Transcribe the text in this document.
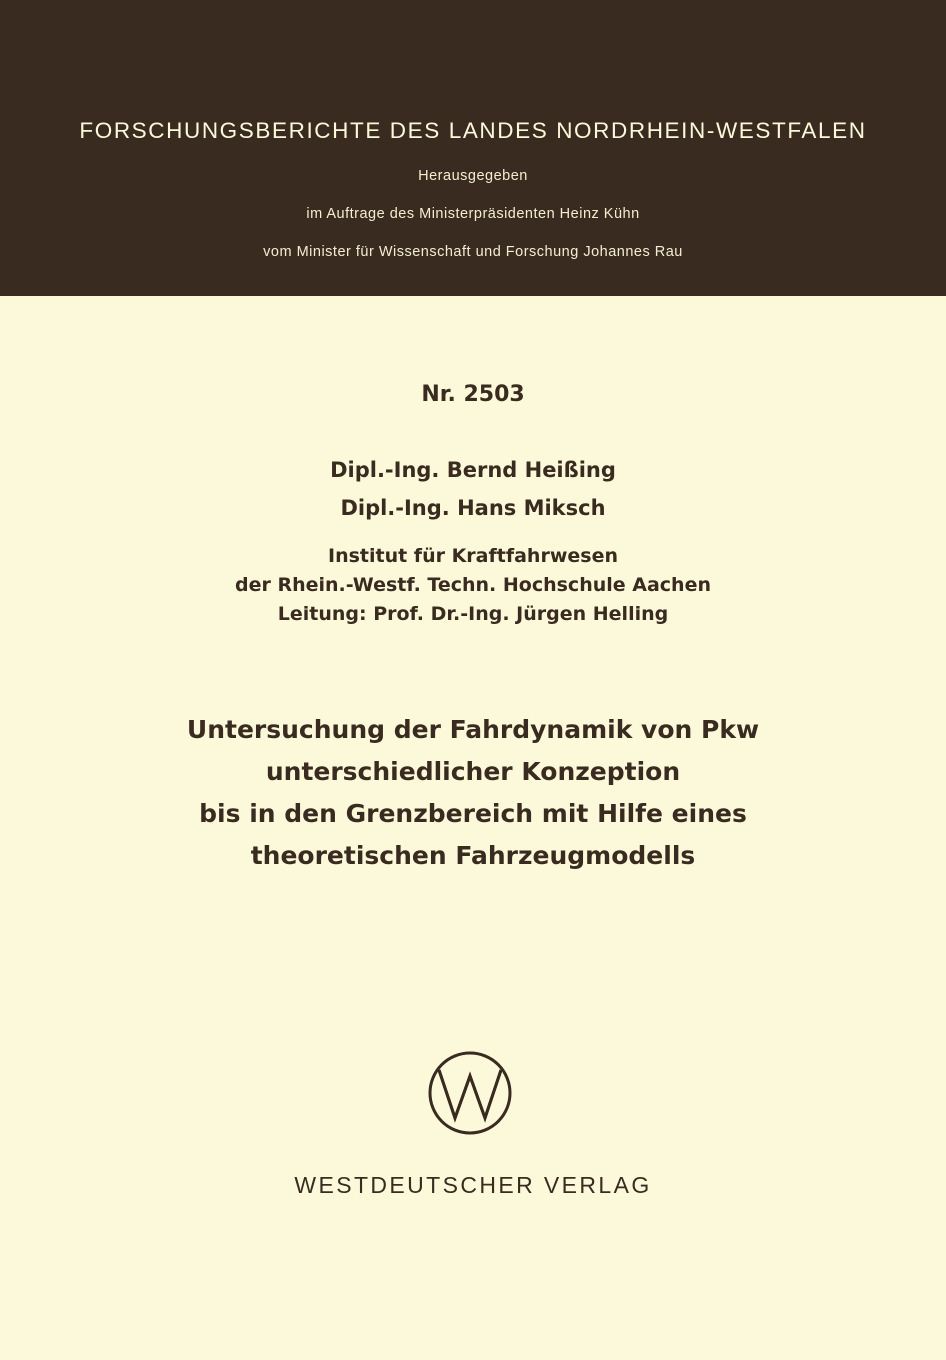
FORSCHUNGSBERICHTE DES LANDES NORDRHEIN-WESTFALEN
Herausgegeben
im Auftrage des Ministerpräsidenten Heinz Kühn
vom Minister für Wissenschaft und Forschung Johannes Rau
Nr. 2503
Dipl.-Ing. Bernd Heißing
Dipl.-Ing. Hans Miksch
Institut für Kraftfahrwesen
der Rhein.-Westf. Techn. Hochschule Aachen
Leitung: Prof. Dr.-Ing. Jürgen Helling
Untersuchung der Fahrdynamik von Pkw
unterschiedlicher Konzeption
bis in den Grenzbereich mit Hilfe eines
theoretischen Fahrzeugmodells
WESTDEUTSCHER VERLAG
